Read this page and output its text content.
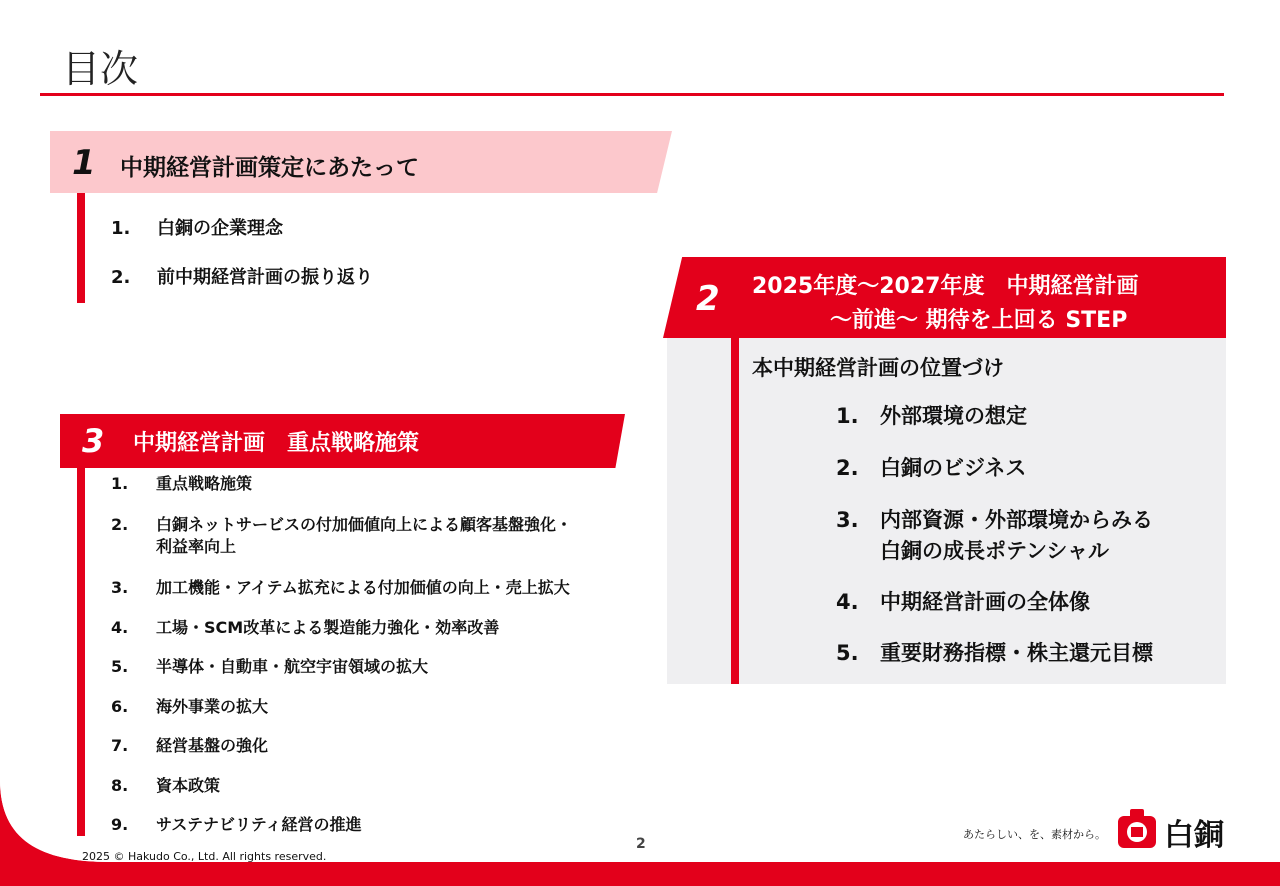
目次
1 中期経営計画策定にあたって
1. 白銅の企業理念
2. 前中期経営計画の振り返り
2 2025年度～2027年度　中期経営計画
～前進～ 期待を上回る STEP
本中期経営計画の位置づけ
1. 外部環境の想定
2. 白銅のビジネス
3. 内部資源・外部環境からみる
白銅の成長ポテンシャル
4. 中期経営計画の全体像
5. 重要財務指標・株主還元目標
3 中期経営計画　重点戦略施策
1. 重点戦略施策
2. 白銅ネットサービスの付加価値向上による顧客基盤強化・
利益率向上
3. 加工機能・アイテム拡充による付加価値の向上・売上拡大
4. 工場・SCM改革による製造能力強化・効率改善
5. 半導体・自動車・航空宇宙領域の拡大
6. 海外事業の拡大
7. 経営基盤の強化
8. 資本政策
9. サステナビリティ経営の推進
2025 © Hakudo Co., Ltd. All rights reserved.
2
あたらしい、を、素材から。 白銅
